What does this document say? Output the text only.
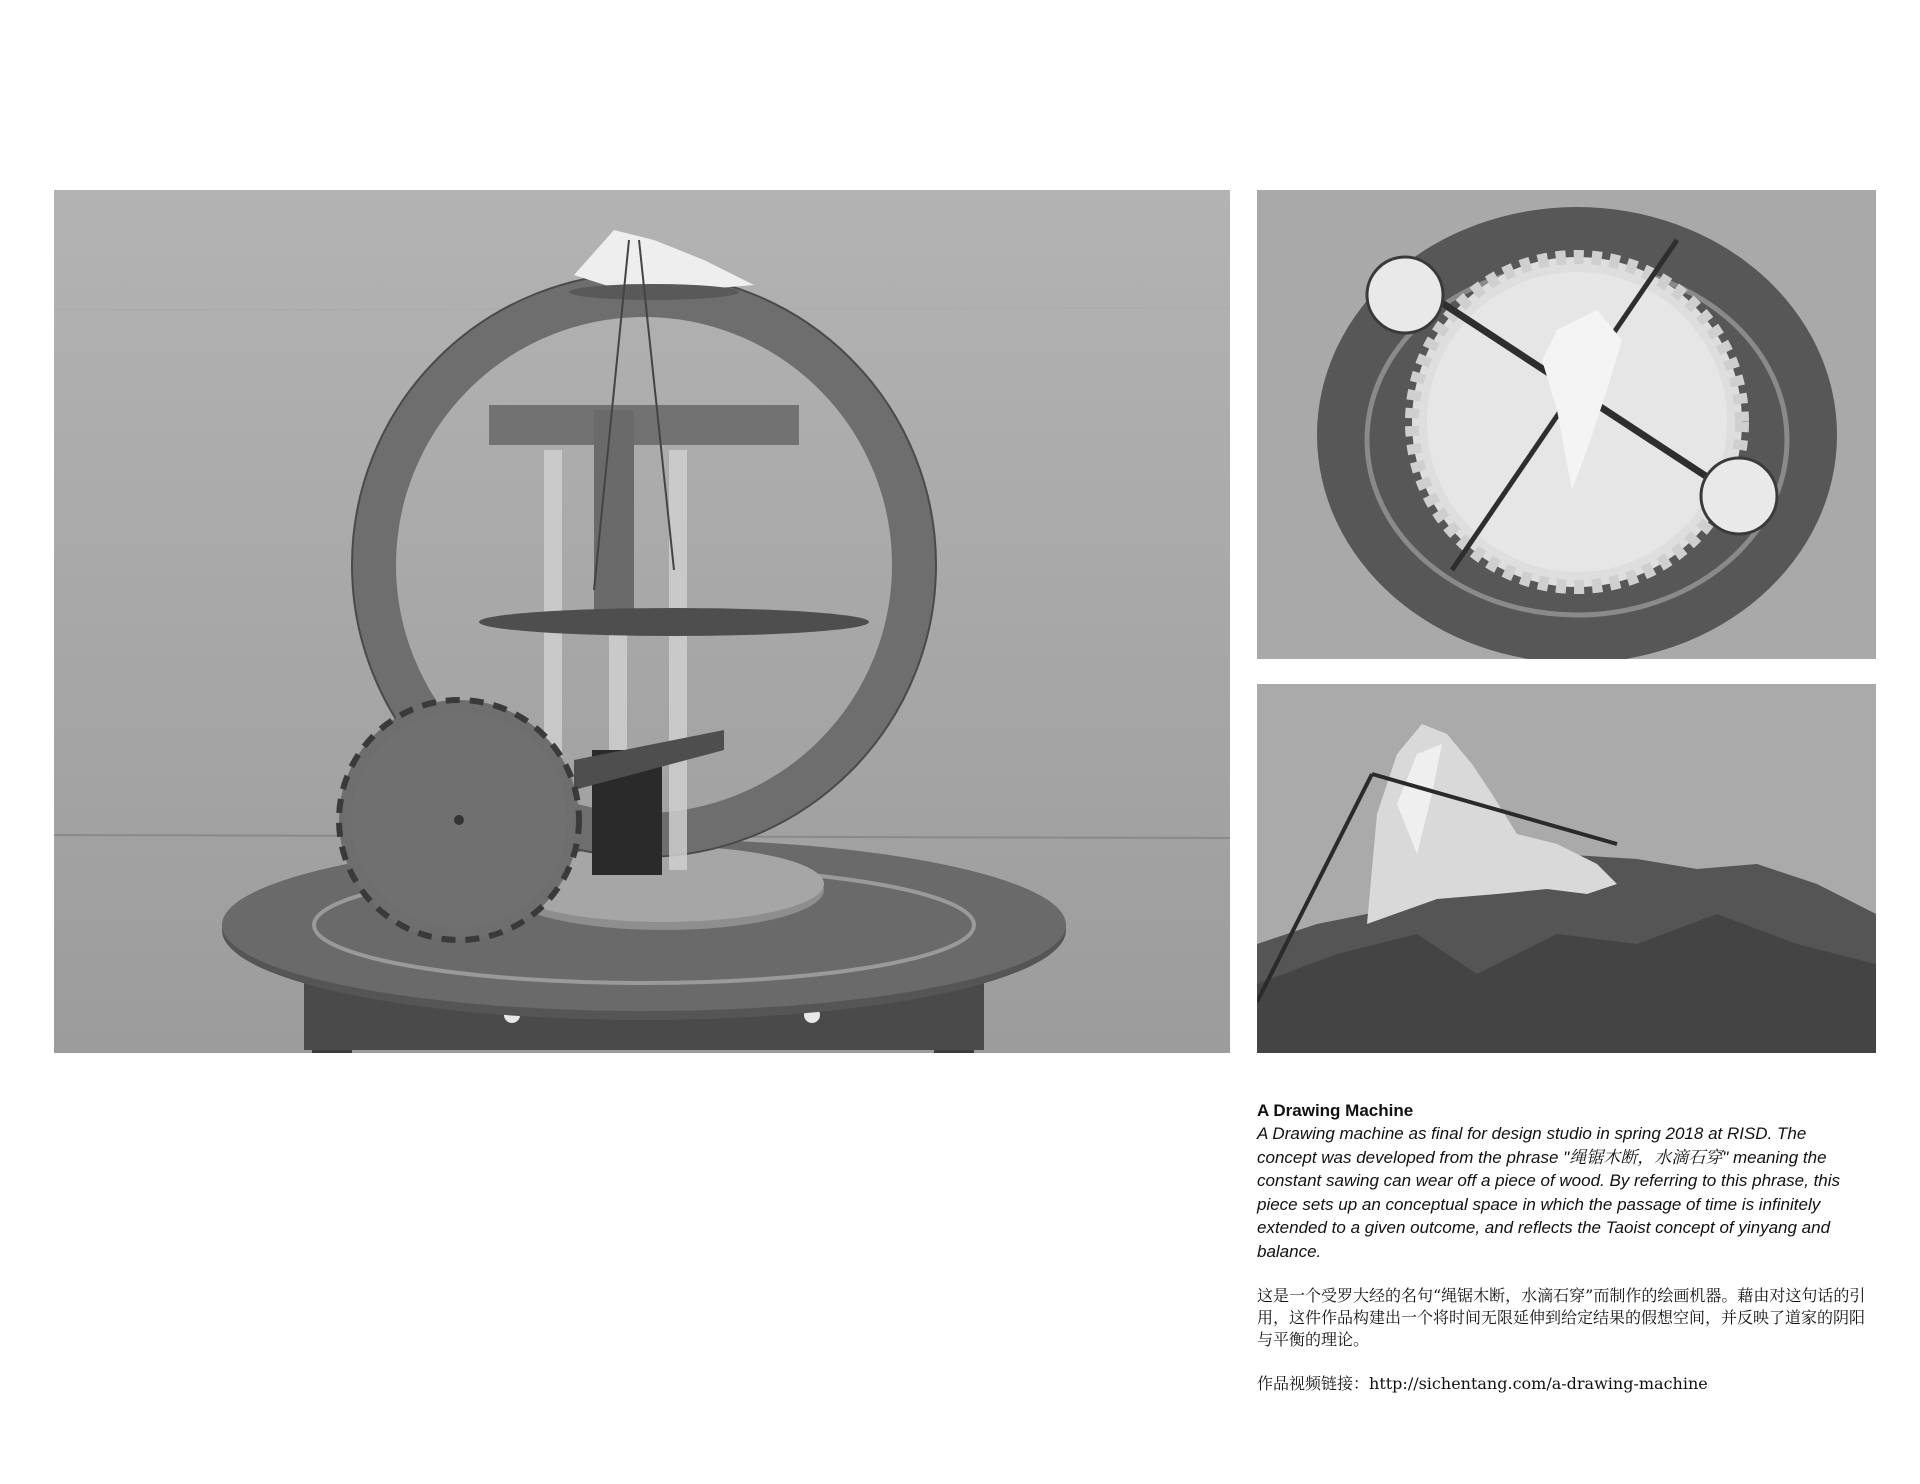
A Drawing Machine

A Drawing machine as final for design studio in spring 2018 at RISD. The concept was developed from the phrase "绳锯木断，水滴石穿" meaning the constant sawing can wear off a piece of wood. By referring to this phrase, this piece sets up an conceptual space in which the passage of time is infinitely extended to a given outcome, and reflects the Taoist concept of yinyang and balance.

这是一个受罗大经的名句“绳锯木断，水滴石穿”而制作的绘画机器。藉由对这句话的引用，这件作品构建出一个将时间无限延伸到给定结果的假想空间，并反映了道家的阴阳与平衡的理论。

作品视频链接：http://sichentang.com/a-drawing-machine
